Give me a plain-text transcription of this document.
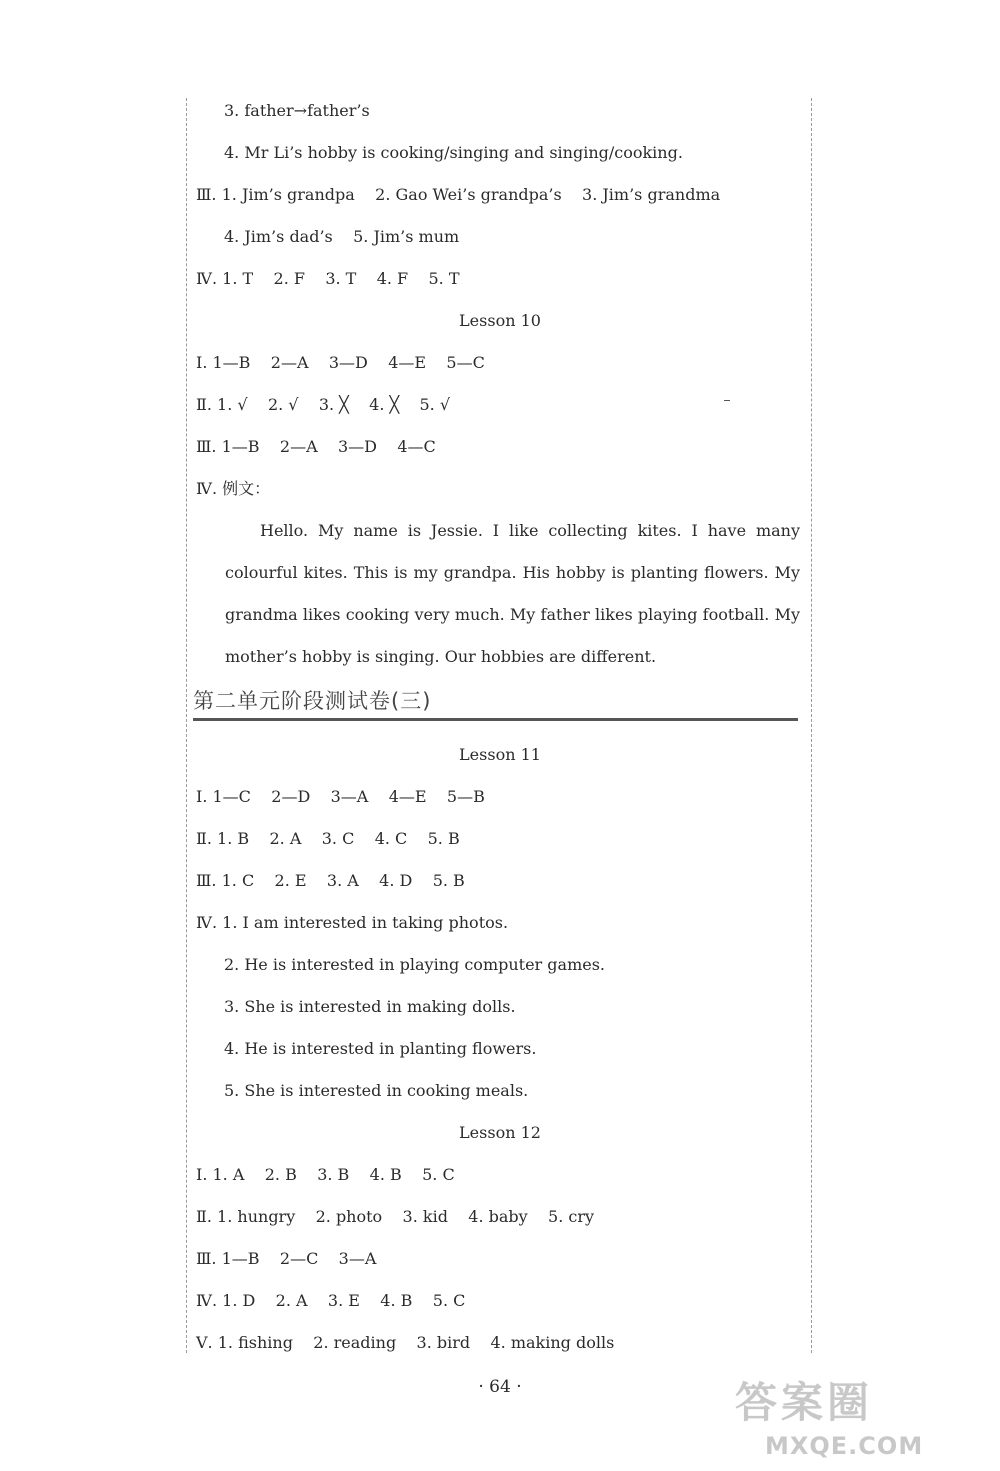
3. father→father’s
4. Mr Li’s hobby is cooking/singing and singing/cooking.
Ⅲ. 1. Jim’s grandpa    2. Gao Wei’s grandpa’s    3. Jim’s grandma
4. Jim’s dad’s    5. Jim’s mum
Ⅳ. 1. T    2. F    3. T    4. F    5. T
Ⅰ. 1—B    2—A    3—D    4—E    5—C
Ⅱ. 1. √    2. √    3. ╳    4. ╳    5. √
Ⅲ. 1—B    2—A    3—D    4—C
Ⅳ. 例文：
Ⅰ. 1—C    2—D    3—A    4—E    5—B
Ⅱ. 1. B    2. A    3. C    4. C    5. B
Ⅲ. 1. C    2. E    3. A    4. D    5. B
Ⅳ. 1. I am interested in taking photos.
2. He is interested in playing computer games.
3. She is interested in making dolls.
4. He is interested in planting flowers.
5. She is interested in cooking meals.
Ⅰ. 1. A    2. B    3. B    4. B    5. C
Ⅱ. 1. hungry    2. photo    3. kid    4. baby    5. cry
Ⅲ. 1—B    2—C    3—A
Ⅳ. 1. D    2. A    3. E    4. B    5. C
Ⅴ. 1. fishing    2. reading    3. bird    4. making dolls
Lesson 10
Hello. My name is Jessie. I like collecting kites. I have many colourful kites. This is my grandpa. His hobby is planting flowers. My grandma likes cooking very much. My father likes playing football. My mother’s hobby is singing. Our hobbies are different.
第二单元阶段测试卷(三)
Lesson 11
Lesson 12
· 64 ·	答案圈
MXQE.COM
